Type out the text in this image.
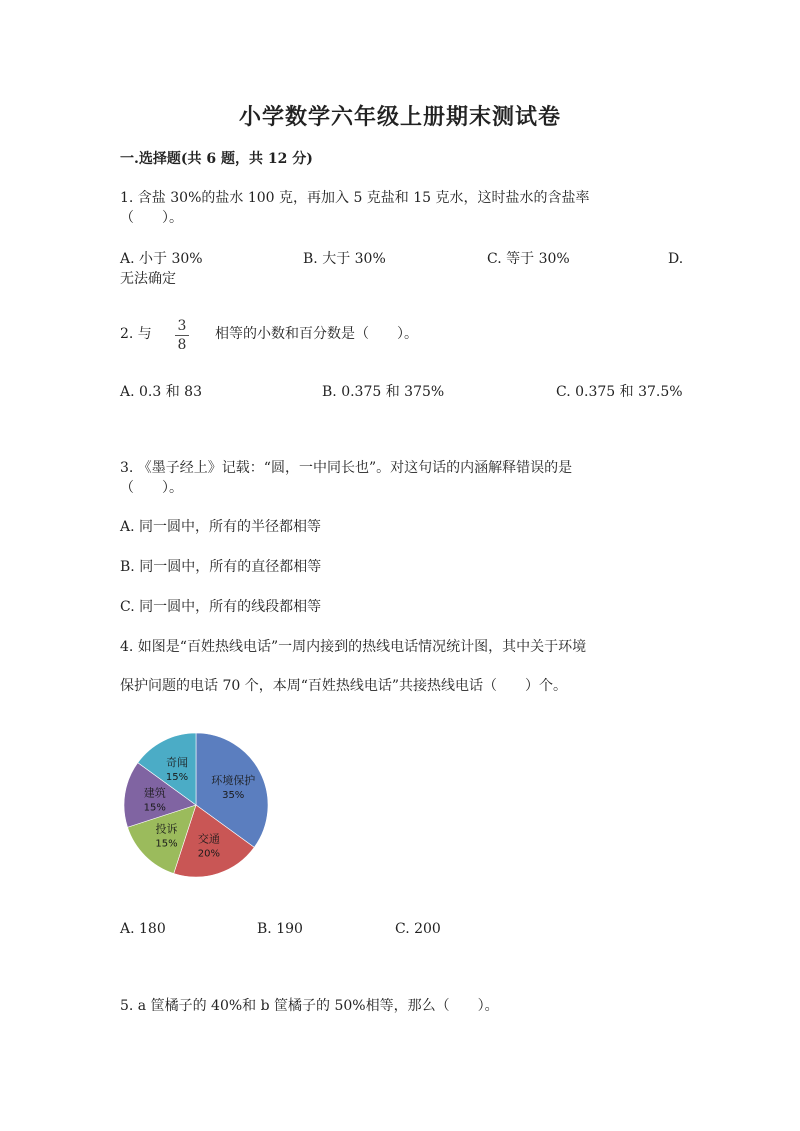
小学数学六年级上册期末测试卷
一.选择题(共 6 题，共 12 分)
1. 含盐 30%的盐水 100 克，再加入 5 克盐和 15 克水，这时盐水的含盐率
（　　）。
A. 小于 30%	B. 大于 30%	C. 等于 30%	D.
无法确定
2. 与 3
8
相等的小数和百分数是（　　）。
A. 0.3 和 83	B. 0.375 和 375%	C. 0.375 和 37.5%
3. 《墨子经上》记载：“圆，一中同长也”。对这句话的内涵解释错误的是
（　　）。
A. 同一圆中，所有的半径都相等
B. 同一圆中，所有的直径都相等
C. 同一圆中，所有的线段都相等
4. 如图是“百姓热线电话”一周内接到的热线电话情况统计图，其中关于环境
保护问题的电话 70 个，本周“百姓热线电话”共接热线电话（　　）个。
环境保护
35%
交通
20%
投诉
15%
建筑
15%
奇闻
15%
A. 180	B. 190	C. 200
5. a 筐橘子的 40%和 b 筐橘子的 50%相等，那么（　　）。
